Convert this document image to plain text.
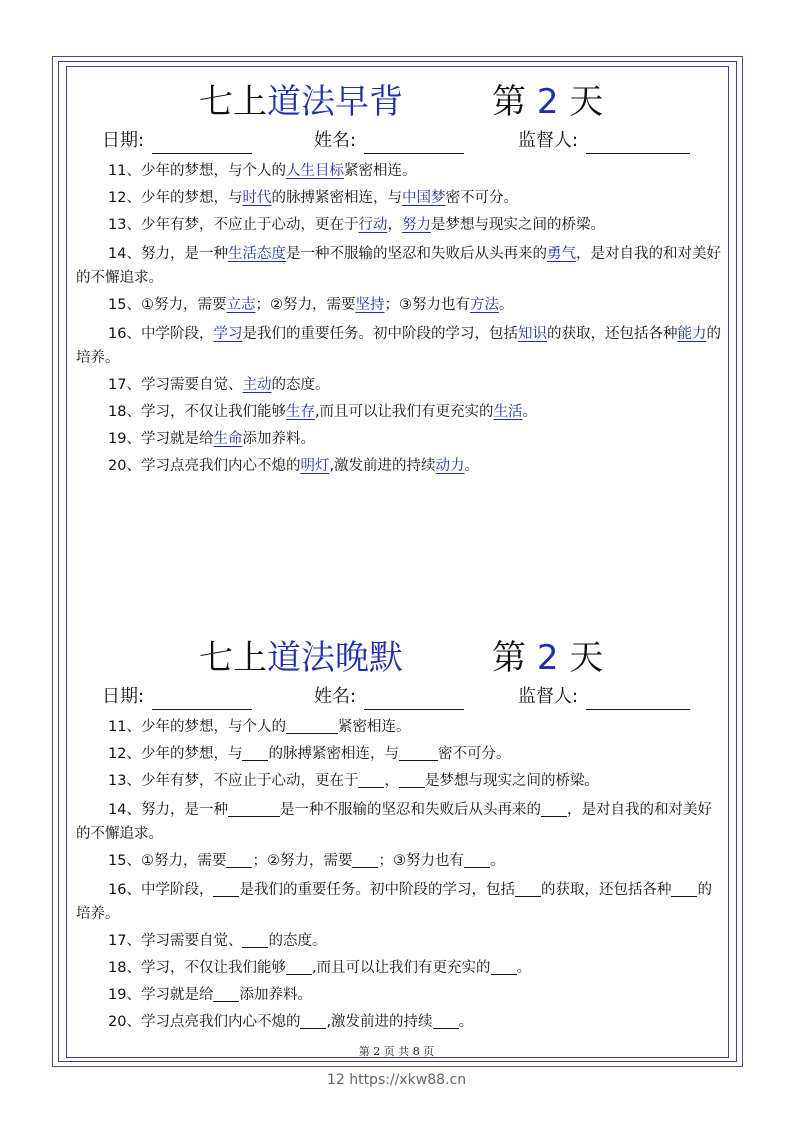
七上道法早背	第 2 天
日期:	姓名:	监督人:

11、少年的梦想，与个人的人生目标紧密相连。

12、少年的梦想，与时代的脉搏紧密相连，与中国梦密不可分。

13、少年有梦，不应止于心动，更在于行动，努力是梦想与现实之间的桥梁。

14、努力，是一种生活态度是一种不服输的坚忍和失败后从头再来的勇气，是对自我的和对美好的不懈追求。

15、①努力，需要立志；②努力，需要坚持；③努力也有方法。

16、中学阶段，学习是我们的重要任务。初中阶段的学习，包括知识的获取，还包括各种能力的培养。

17、学习需要自觉、主动的态度。

18、学习，不仅让我们能够生存,而且可以让我们有更充实的生活。

19、学习就是给生命添加养料。

20、学习点亮我们内心不熄的明灯,激发前进的持续动力。

七上道法晚默	第 2 天
日期:	姓名:	监督人:

11、少年的梦想，与个人的	紧密相连。

12、少年的梦想，与 的脉搏紧密相连，与	密不可分。

13、少年有梦，不应止于心动，更在于 ， 是梦想与现实之间的桥梁。

14、努力，是一种	是一种不服输的坚忍和失败后从头再来的 ，是对自我的和对美好的不懈追求。

15、①努力，需要 ；②努力，需要 ；③努力也有 。

16、中学阶段， 是我们的重要任务。初中阶段的学习，包括 的获取，还包括各种 的培养。

17、学习需要自觉、 的态度。

18、学习，不仅让我们能够 ,而且可以让我们有更充实的 。

19、学习就是给 添加养料。

20、学习点亮我们内心不熄的 ,激发前进的持续 。

第 2 页 共 8 页
12 https://xkw88.cn
